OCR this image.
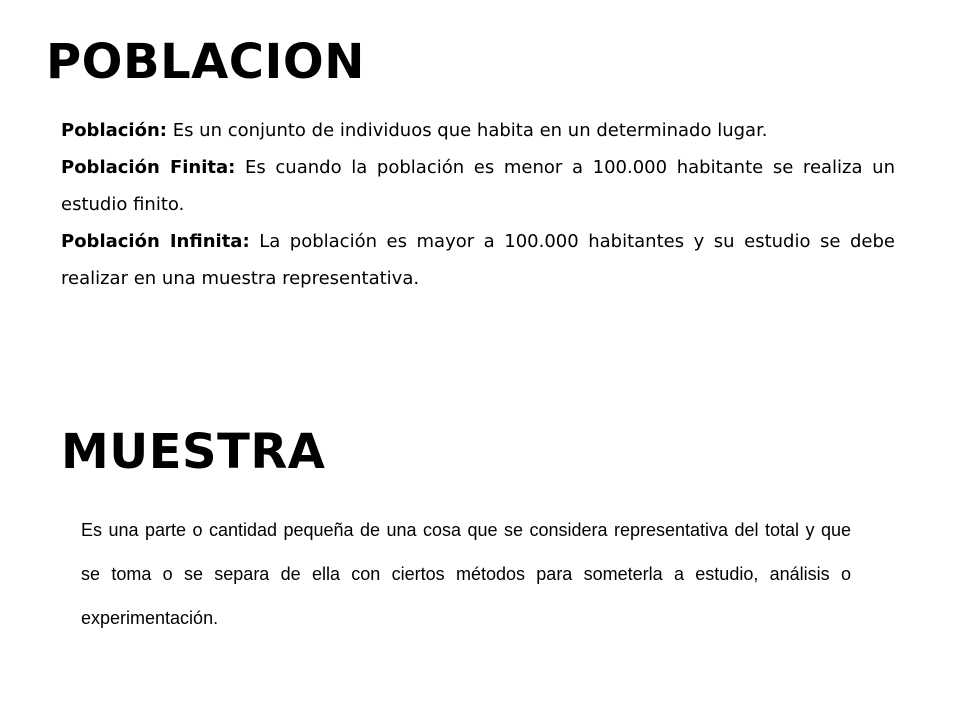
POBLACION

Población: Es un conjunto de individuos que habita en un determinado lugar.

Población Finita: Es cuando la población es menor a 100.000 habitante se realiza un estudio finito.

Población Infinita: La población es mayor a 100.000 habitantes y su estudio se debe realizar en una muestra representativa.

MUESTRA

Es una parte o cantidad pequeña de una cosa que se considera representativa del total y que se toma o se separa de ella con ciertos métodos para someterla a estudio, análisis o experimentación.
